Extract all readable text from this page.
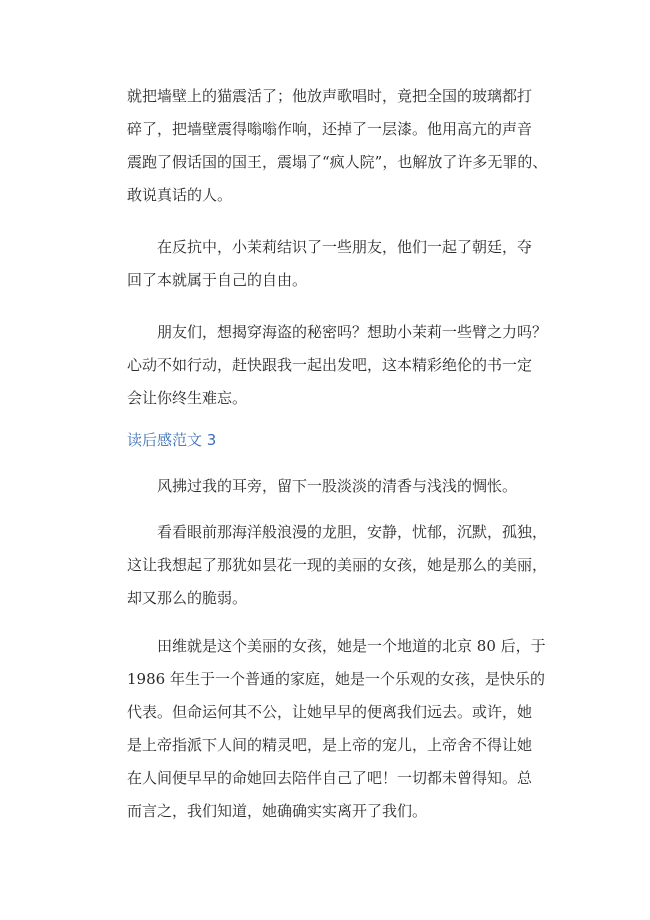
就把墙壁上的猫震活了；他放声歌唱时，竟把全国的玻璃都打
碎了，把墙壁震得嗡嗡作响，还掉了一层漆。他用高亢的声音
震跑了假话国的国王，震塌了“疯人院”，也解放了许多无罪的、
敢说真话的人。
在反抗中，小茉莉结识了一些朋友，他们一起了朝廷，夺
回了本就属于自己的自由。
朋友们，想揭穿海盗的秘密吗？想助小茉莉一些臂之力吗？
心动不如行动，赶快跟我一起出发吧，这本精彩绝伦的书一定
会让你终生难忘。
读后感范文 3
风拂过我的耳旁，留下一股淡淡的清香与浅浅的惆怅。
看看眼前那海洋般浪漫的龙胆，安静，忧郁，沉默，孤独，
这让我想起了那犹如昙花一现的美丽的女孩，她是那么的美丽，
却又那么的脆弱。
田维就是这个美丽的女孩，她是一个地道的北京 80 后，于
1986 年生于一个普通的家庭，她是一个乐观的女孩，是快乐的
代表。但命运何其不公，让她早早的便离我们远去。或许，她
是上帝指派下人间的精灵吧，是上帝的宠儿，上帝舍不得让她
在人间便早早的命她回去陪伴自己了吧！一切都未曾得知。总
而言之，我们知道，她确确实实离开了我们。
